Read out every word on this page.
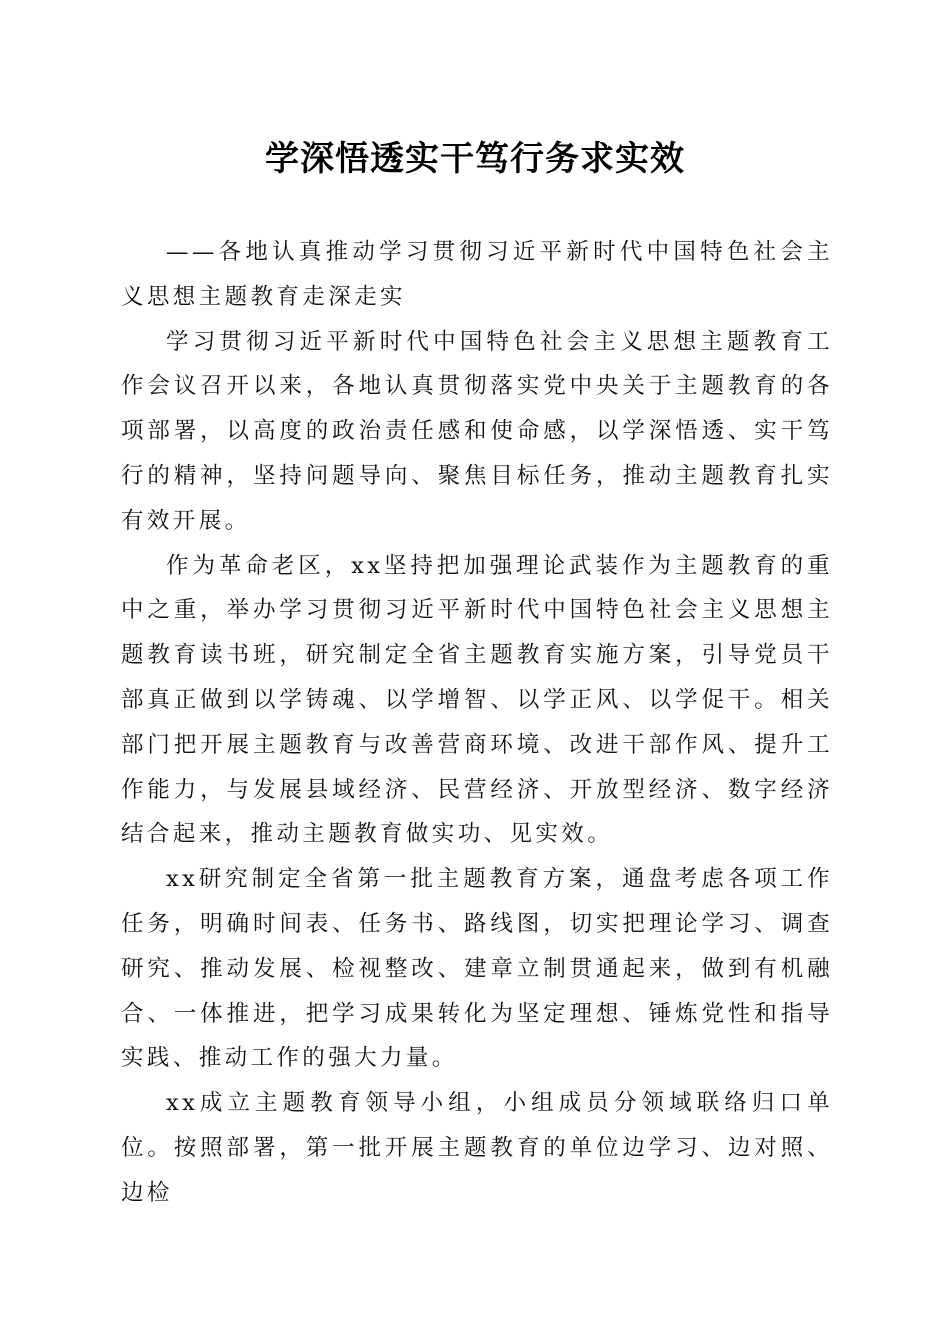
学深悟透实干笃行务求实效

——各地认真推动学习贯彻习近平新时代中国特色社会主义思想主题教育走深走实

学习贯彻习近平新时代中国特色社会主义思想主题教育工作会议召开以来，各地认真贯彻落实党中央关于主题教育的各项部署，以高度的政治责任感和使命感，以学深悟透、实干笃行的精神，坚持问题导向、聚焦目标任务，推动主题教育扎实有效开展。

作为革命老区，xx坚持把加强理论武装作为主题教育的重中之重，举办学习贯彻习近平新时代中国特色社会主义思想主题教育读书班，研究制定全省主题教育实施方案，引导党员干部真正做到以学铸魂、以学增智、以学正风、以学促干。相关部门把开展主题教育与改善营商环境、改进干部作风、提升工作能力，与发展县域经济、民营经济、开放型经济、数字经济结合起来，推动主题教育做实功、见实效。

xx研究制定全省第一批主题教育方案，通盘考虑各项工作任务，明确时间表、任务书、路线图，切实把理论学习、调查研究、推动发展、检视整改、建章立制贯通起来，做到有机融合、一体推进，把学习成果转化为坚定理想、锤炼党性和指导实践、推动工作的强大力量。

xx成立主题教育领导小组，小组成员分领域联络归口单位。按照部署，第一批开展主题教育的单位边学习、边对照、边检
